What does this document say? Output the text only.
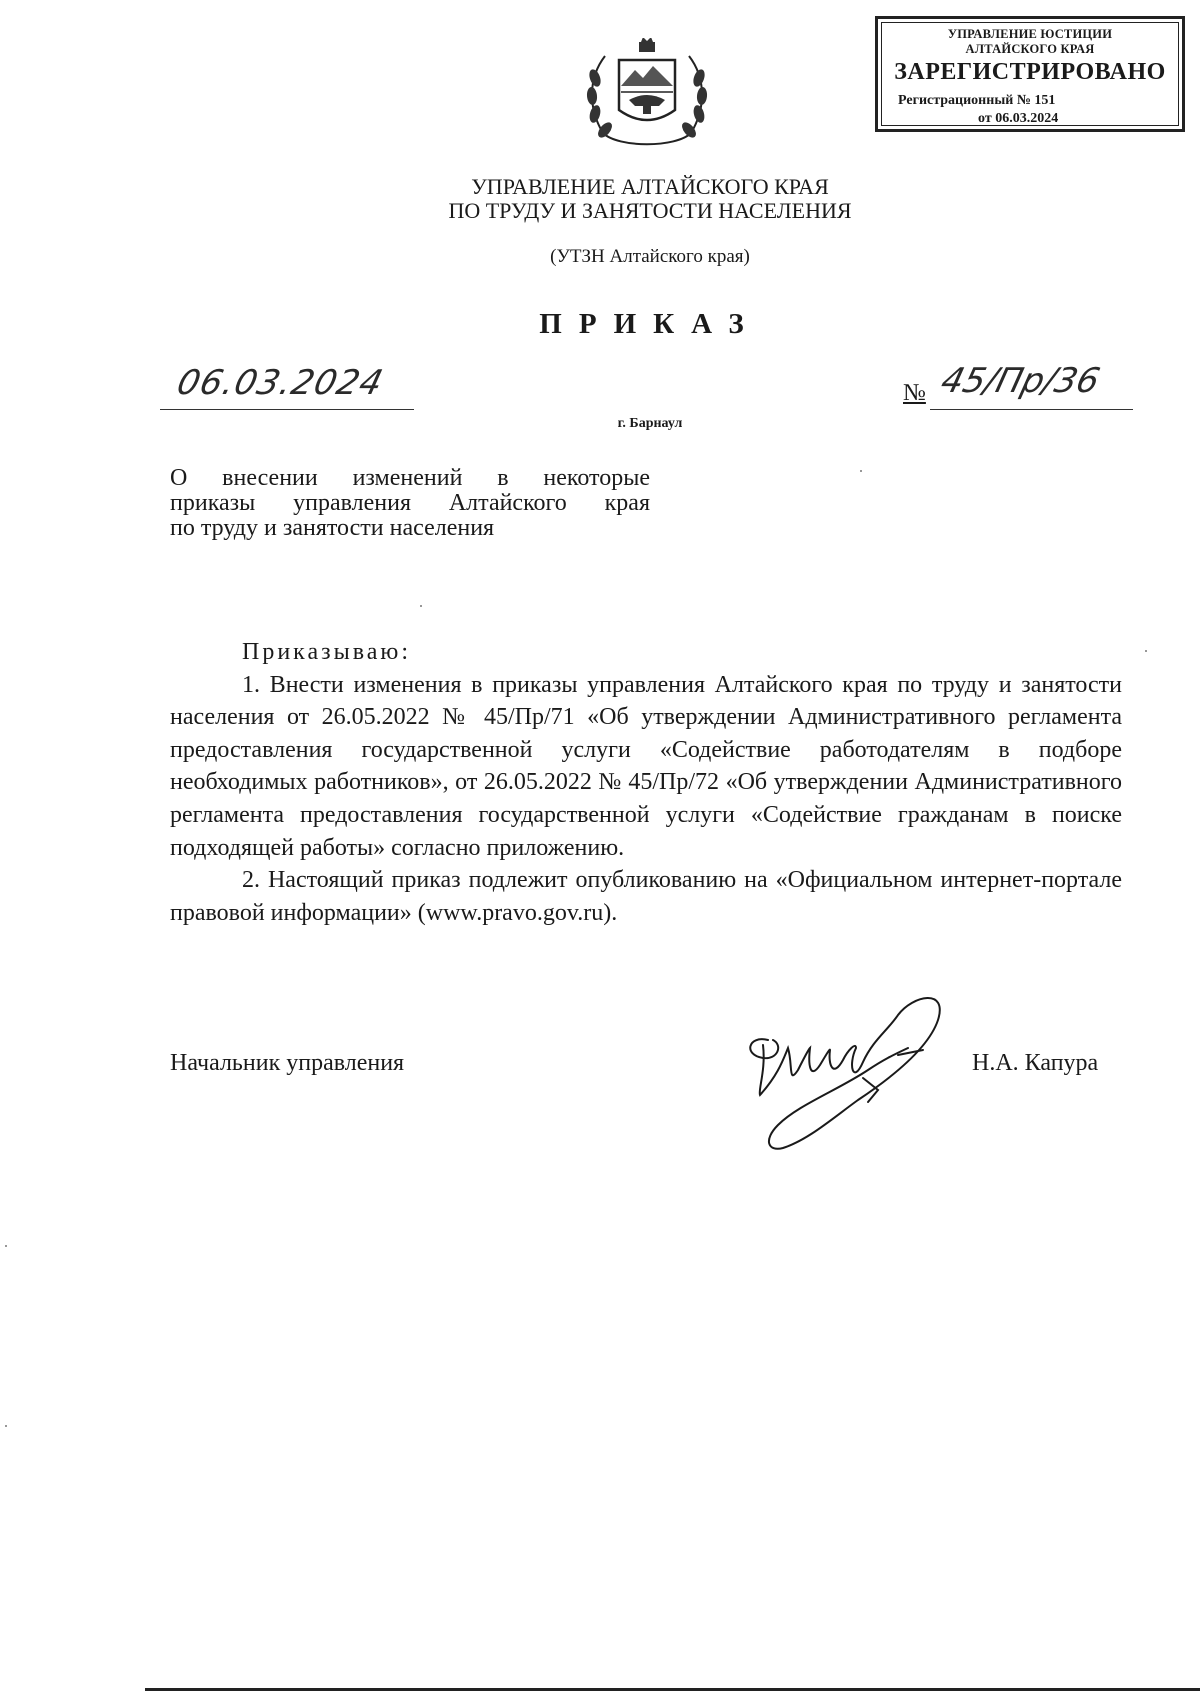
УПРАВЛЕНИЕ ЮСТИЦИИ
АЛТАЙСКОГО КРАЯ
ЗАРЕГИСТРИРОВАНО
Регистрационный № 151
от 06.03.2024
УПРАВЛЕНИЕ АЛТАЙСКОГО КРАЯ
ПО ТРУДУ И ЗАНЯТОСТИ НАСЕЛЕНИЯ
(УТЗН Алтайского края)
ПРИКАЗ
06.03.2024	№ 45/Пр/36
г. Барнаул
О внесении изменений в некоторые
приказы управления Алтайского края
по труду и занятости населения
Приказываю:

1. Внести изменения в приказы управления Алтайского края по труду и занятости населения от 26.05.2022 № 45/Пр/71 «Об утверждении Административного регламента предоставления государственной услуги «Содействие работодателям в подборе необходимых работников», от 26.05.2022 № 45/Пр/72 «Об утверждении Административного регламента предоставления государственной услуги «Содействие гражданам в поиске подходящей работы» согласно приложению.

2. Настоящий приказ подлежит опубликованию на «Официальном интернет-портале правовой информации» (www.pravo.gov.ru).

Начальник управления	Н.А. Капура
